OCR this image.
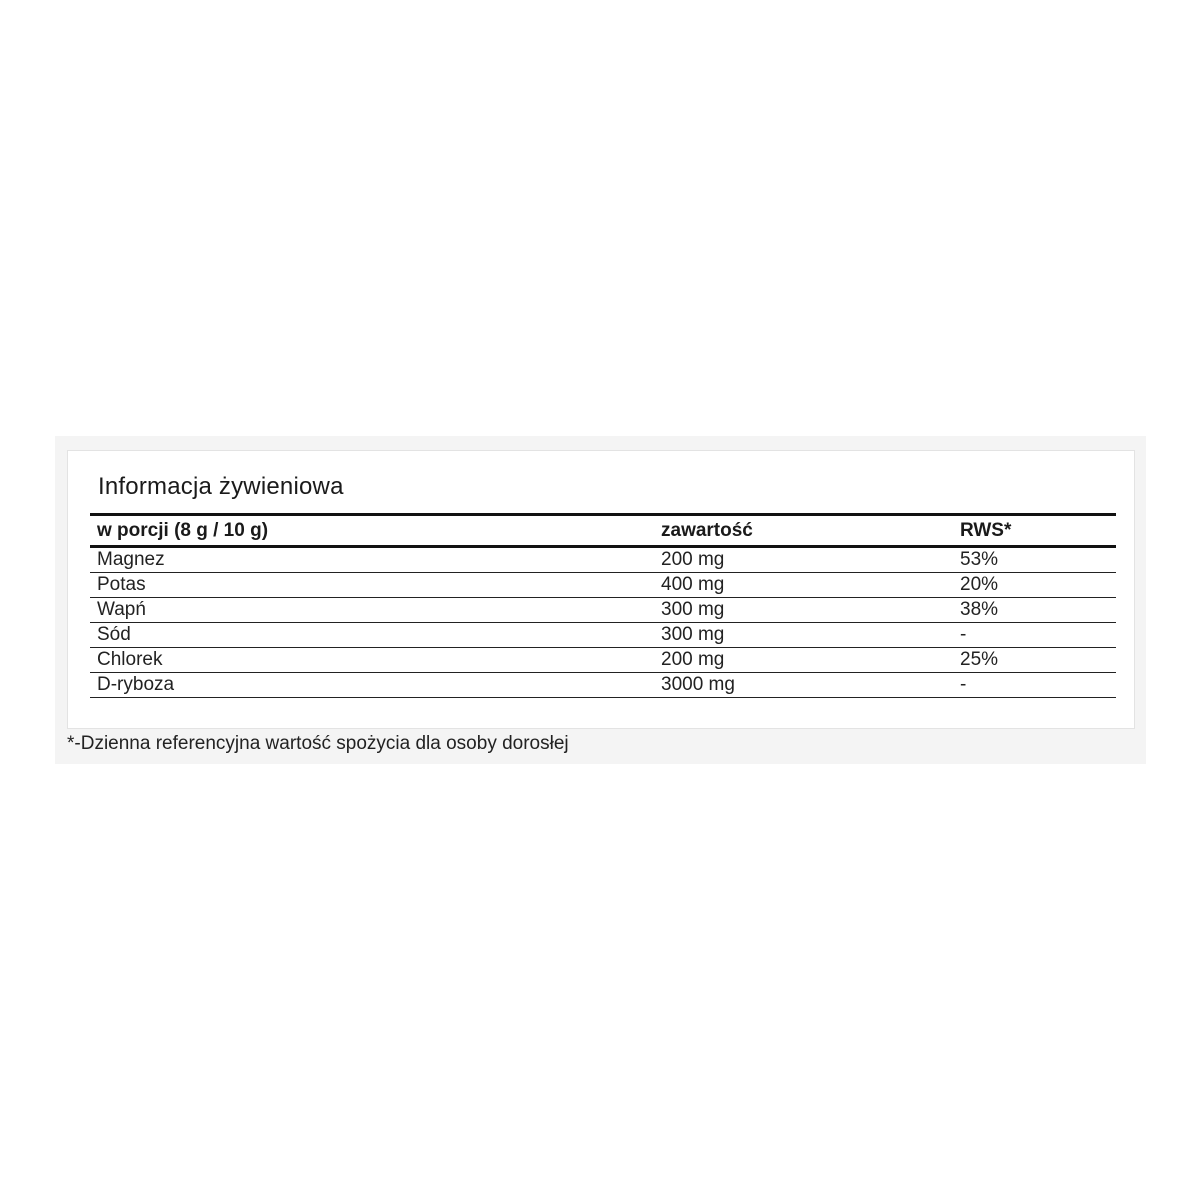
Informacja żywieniowa
w porcji (8 g / 10 g)	zawartość	RWS*
Magnez	200 mg	53%
Potas	400 mg	20%
Wapń	300 mg	38%
Sód	300 mg	-
Chlorek	200 mg	25%
D-ryboza	3000 mg	-
*-Dzienna referencyjna wartość spożycia dla osoby dorosłej
